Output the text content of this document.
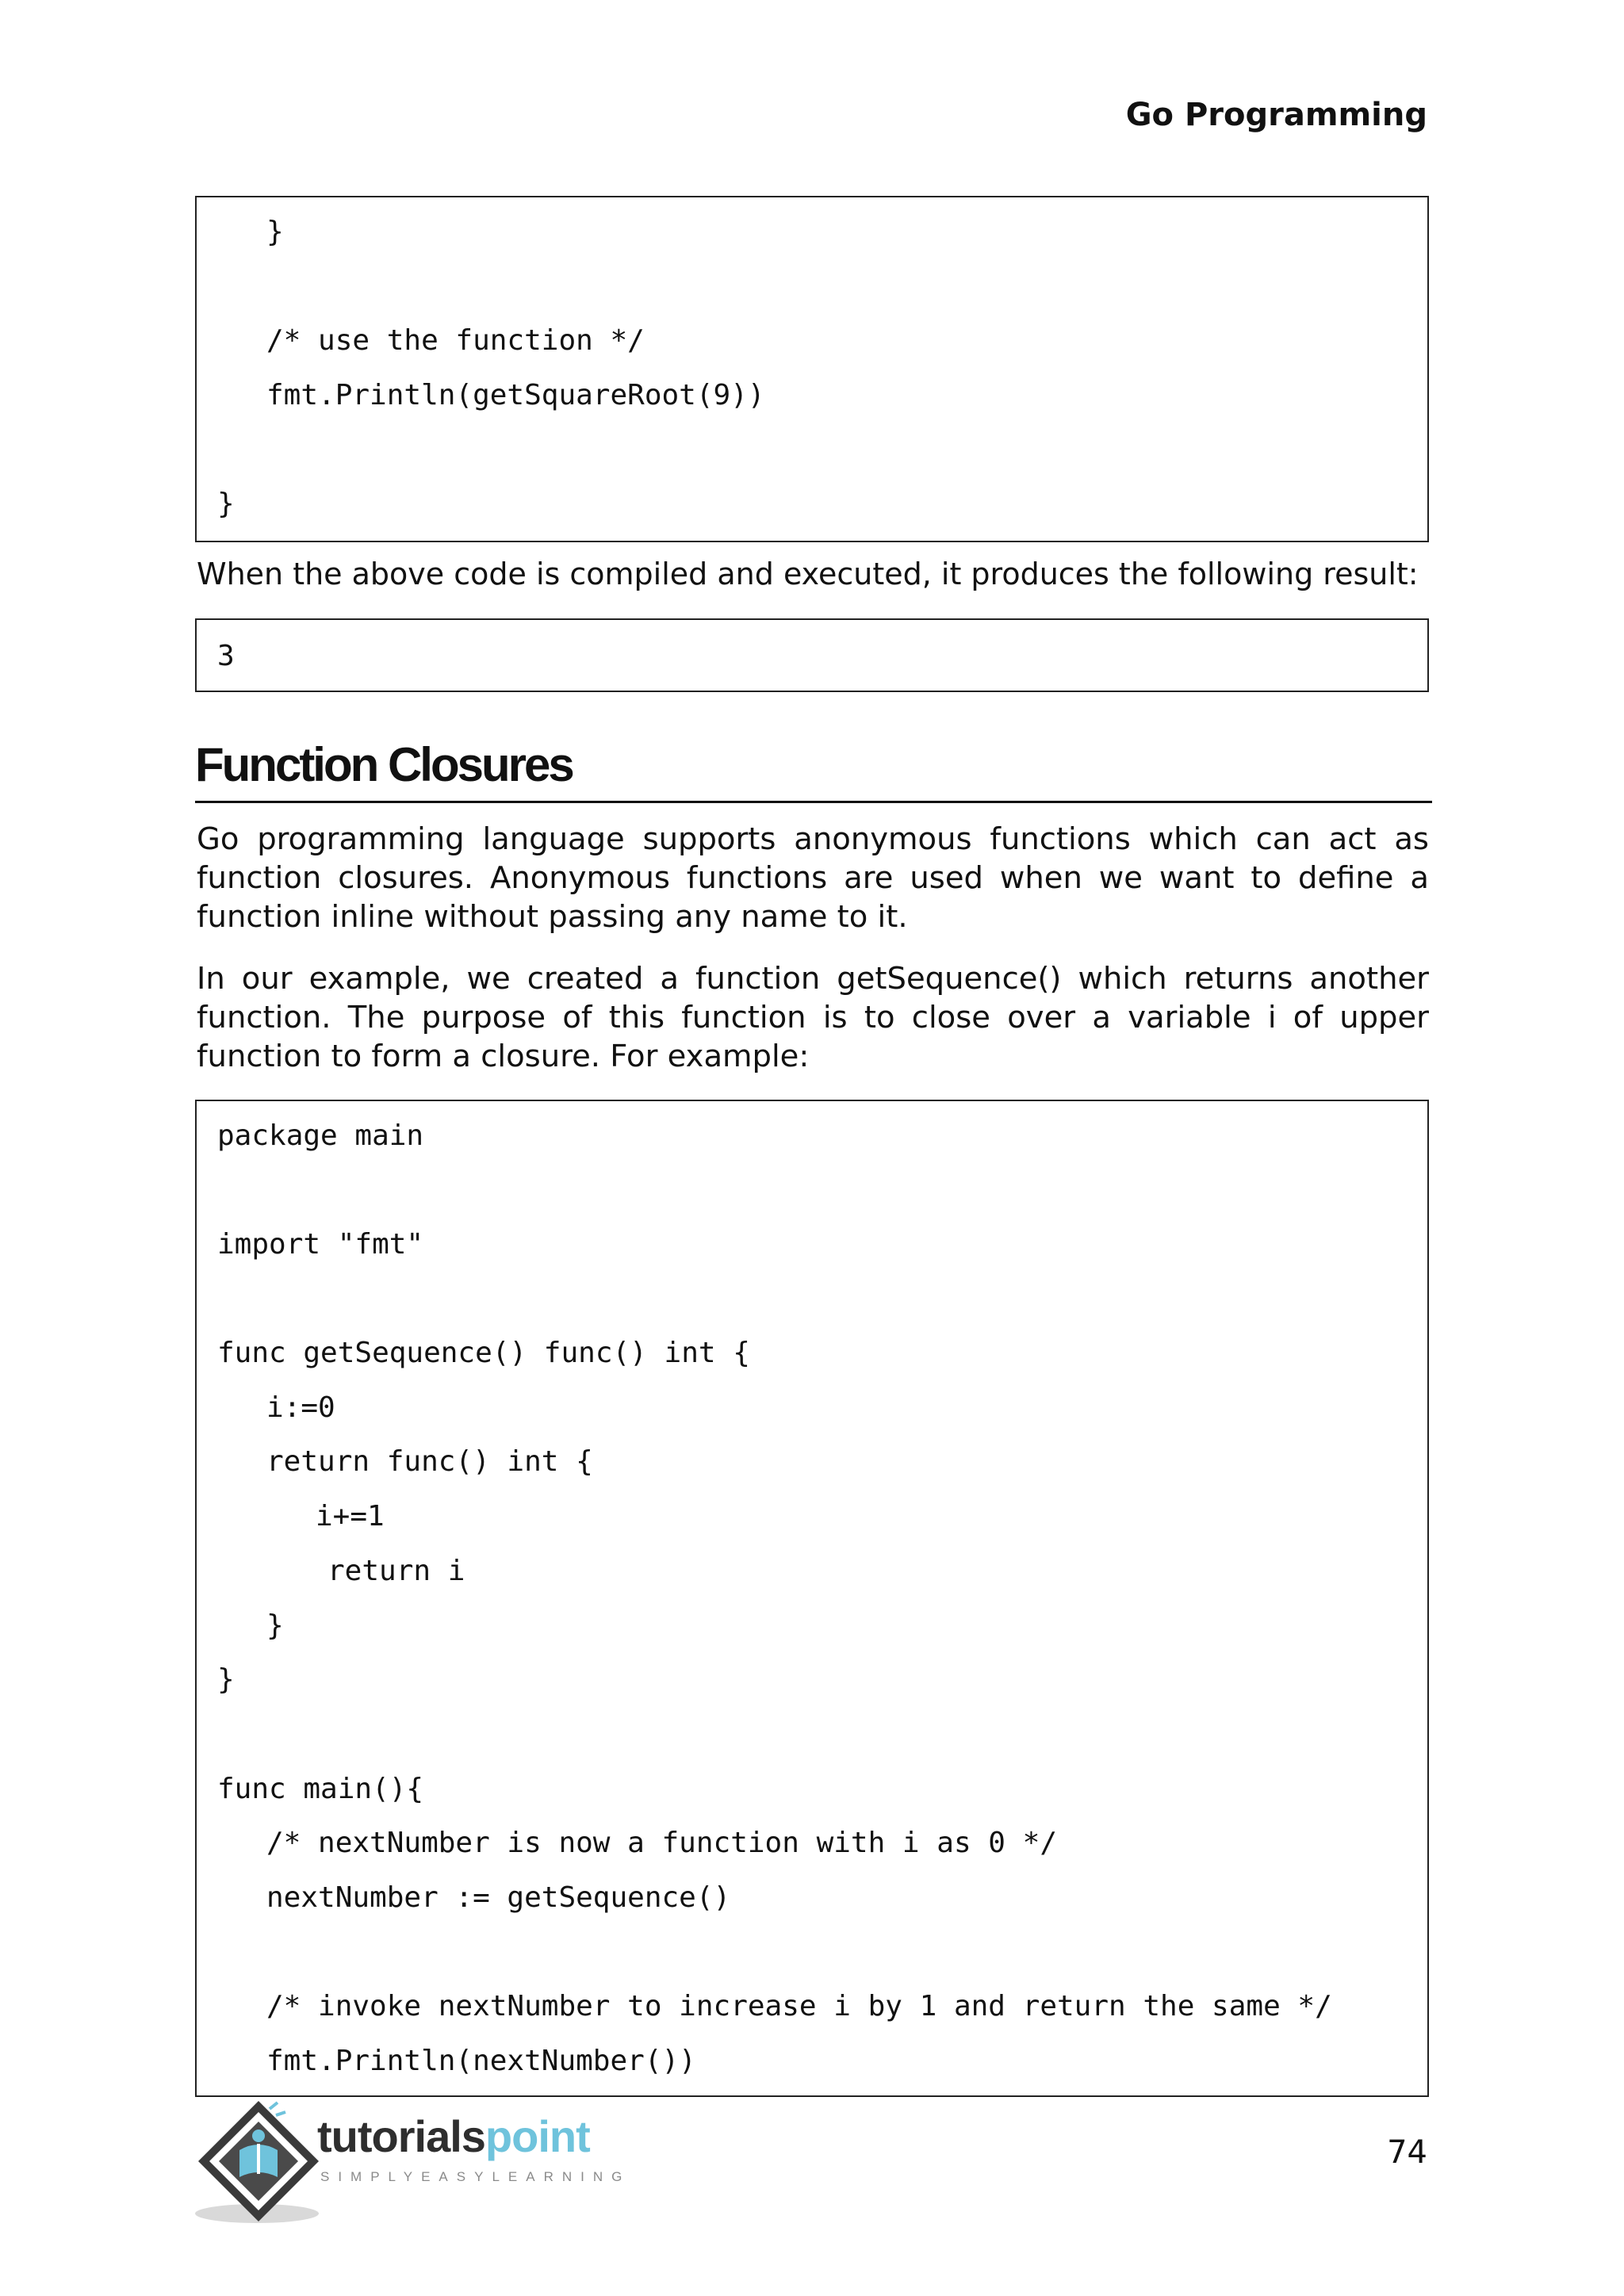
Go Programming
}
/* use the function */
fmt.Println(getSquareRoot(9))
}

When the above code is compiled and executed, it produces the following result:

3
Function Closures

Go programming language supports anonymous functions which can act as function closures. Anonymous functions are used when we want to define a function inline without passing any name to it.

In our example, we created a function getSequence() which returns another function. The purpose of this function is to close over a variable i of upper function to form a closure. For example:

package main
import "fmt"
func getSequence() func() int {
i:=0
return func() int {
i+=1
return i
}
}
func main(){
/* nextNumber is now a function with i as 0 */
nextNumber := getSequence()
/* invoke nextNumber to increase i by 1 and return the same */
fmt.Println(nextNumber())
tutorialspoint
SIMPLYEASYLEARNING
74
